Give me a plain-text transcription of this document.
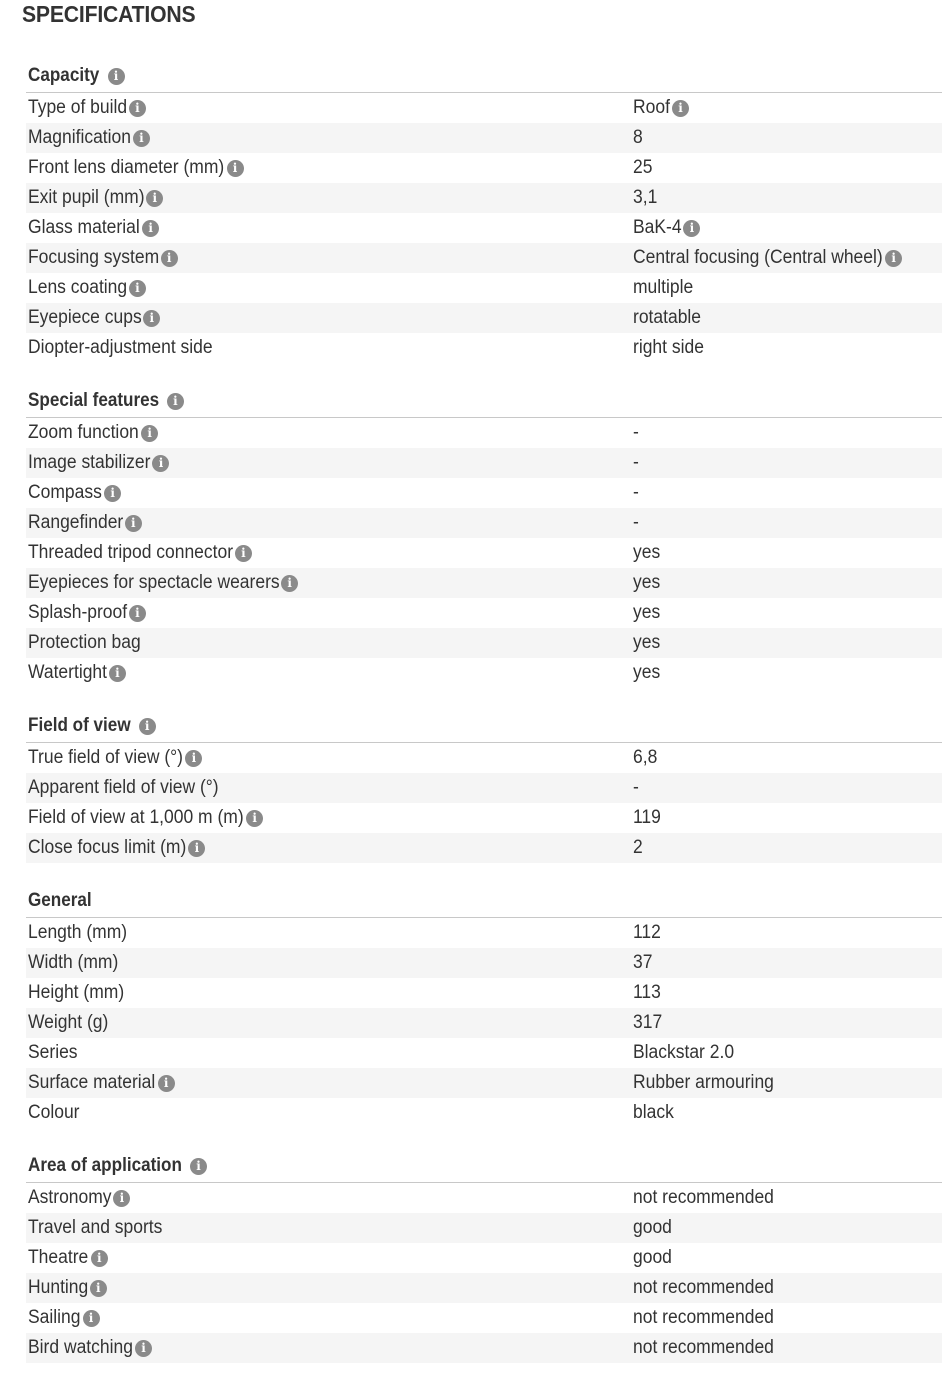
SPECIFICATIONS
Capacity	i
Type of build i	Roof i
Magnification i	8
Front lens diameter (mm) i	25
Exit pupil (mm) i	3,1
Glass material i	BaK-4 i
Focusing system i	Central focusing (Central wheel) i
Lens coating i	multiple
Eyepiece cups i	rotatable
Diopter-adjustment side	right side
Special features	i
Zoom function i	-
Image stabilizer i	-
Compass i	-
Rangefinder i	-
Threaded tripod connector i	yes
Eyepieces for spectacle wearers i	yes
Splash-proof i	yes
Protection bag	yes
Watertight i	yes
Field of view	i
True field of view (°) i	6,8
Apparent field of view (°)	-
Field of view at 1,000 m (m) i	119
Close focus limit (m) i	2
General
Length (mm)	112
Width (mm)	37
Height (mm)	113
Weight (g)	317
Series	Blackstar 2.0
Surface material i	Rubber armouring
Colour	black
Area of application	i
Astronomy i	not recommended
Travel and sports	good
Theatre i	good
Hunting i	not recommended
Sailing i	not recommended
Bird watching i	not recommended
